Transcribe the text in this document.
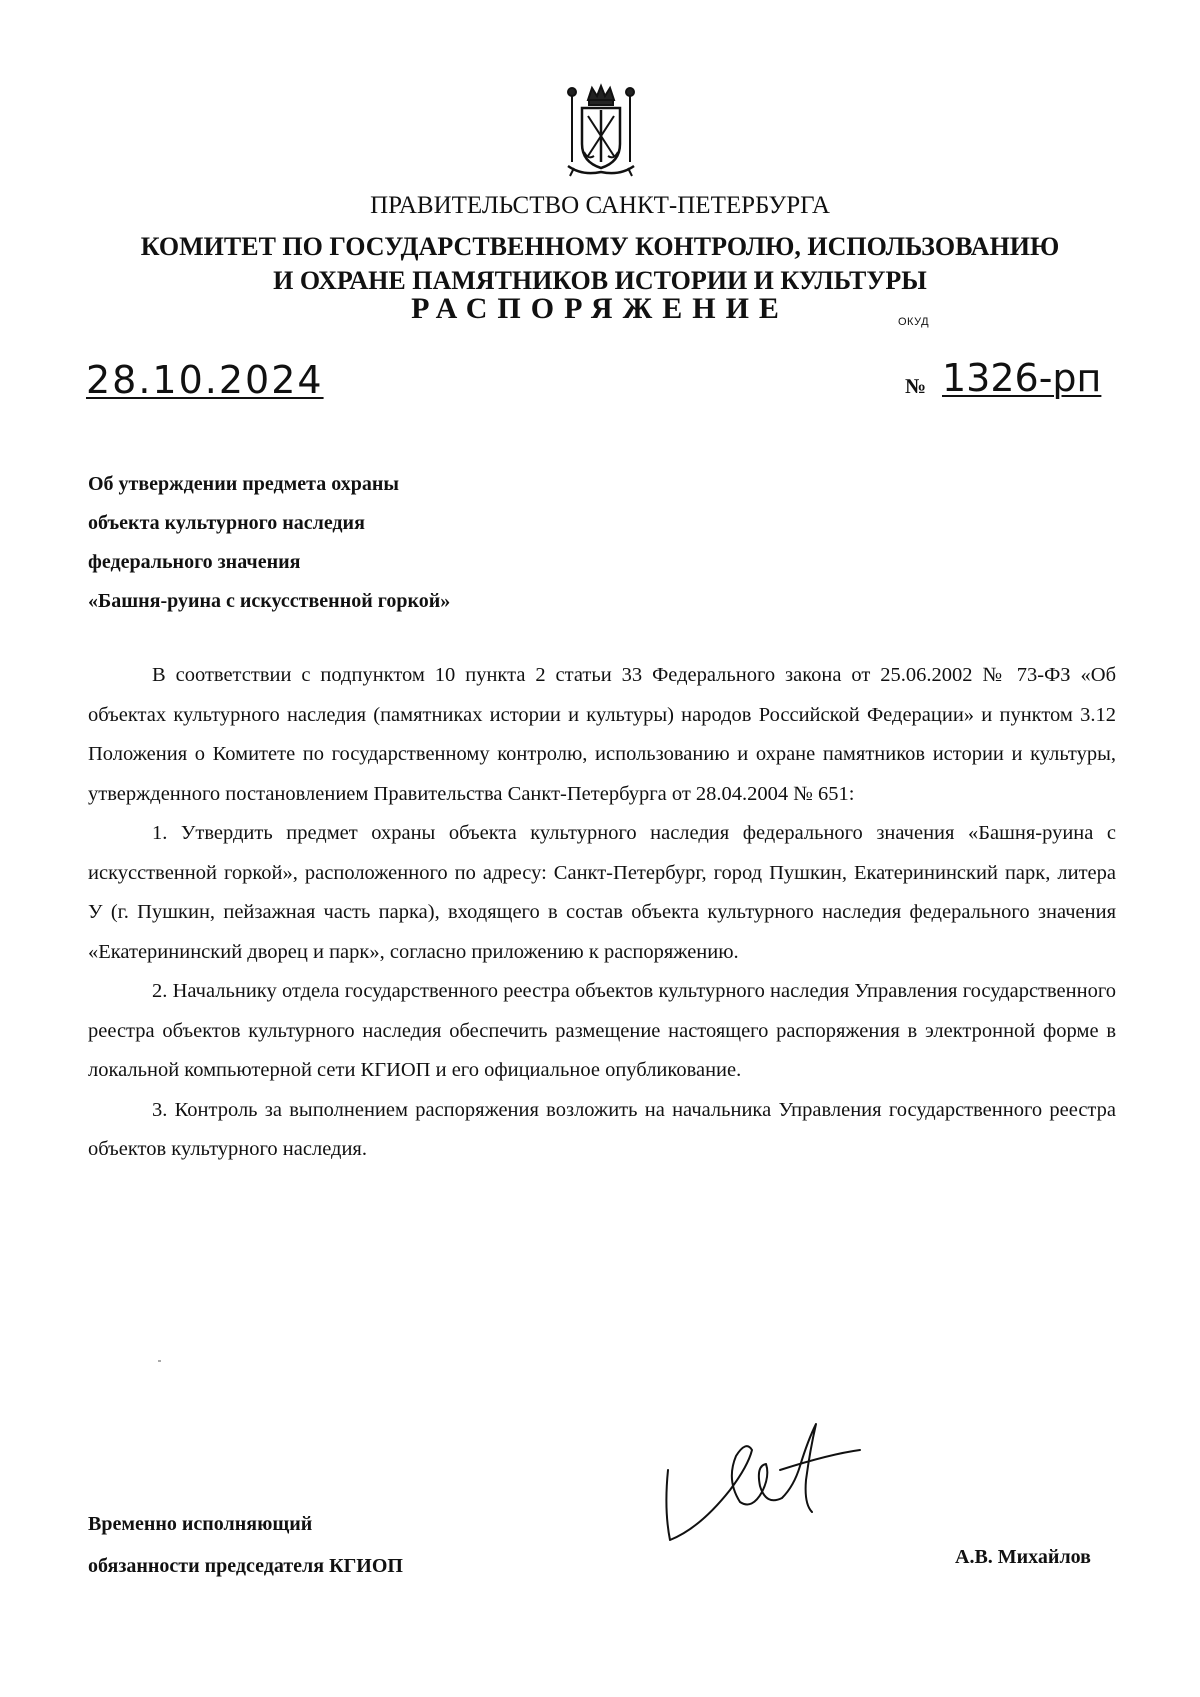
ПРАВИТЕЛЬСТВО САНКТ-ПЕТЕРБУРГА
КОМИТЕТ ПО ГОСУДАРСТВЕННОМУ КОНТРОЛЮ, ИСПОЛЬЗОВАНИЮ
И ОХРАНЕ ПАМЯТНИКОВ ИСТОРИИ И КУЛЬТУРЫ
РАСПОРЯЖЕНИЕ	ОКУД
28.10.2024	№ 1326-рп
Об утверждении предмета охраны
объекта культурного наследия
федерального значения
«Башня-руина с искусственной горкой»

В соответствии с подпунктом 10 пункта 2 статьи 33 Федерального закона от 25.06.2002 № 73-ФЗ «Об объектах культурного наследия (памятниках истории и культуры) народов Российской Федерации» и пунктом 3.12 Положения о Комитете по государственному контролю, использованию и охране памятников истории и культуры, утвержденного постановлением Правительства Санкт-Петербурга от 28.04.2004 № 651:

1. Утвердить предмет охраны объекта культурного наследия федерального значения «Башня-руина с искусственной горкой», расположенного по адресу: Санкт-Петербург, город Пушкин, Екатерининский парк, литера У (г. Пушкин, пейзажная часть парка), входящего в состав объекта культурного наследия федерального значения «Екатерининский дворец и парк», согласно приложению к распоряжению.

2. Начальнику отдела государственного реестра объектов культурного наследия Управления государственного реестра объектов культурного наследия обеспечить размещение настоящего распоряжения в электронной форме в локальной компьютерной сети КГИОП и его официальное опубликование.

3. Контроль за выполнением распоряжения возложить на начальника Управления государственного реестра объектов культурного наследия.

Временно исполняющий
обязанности председателя КГИОП	А.В. Михайлов
